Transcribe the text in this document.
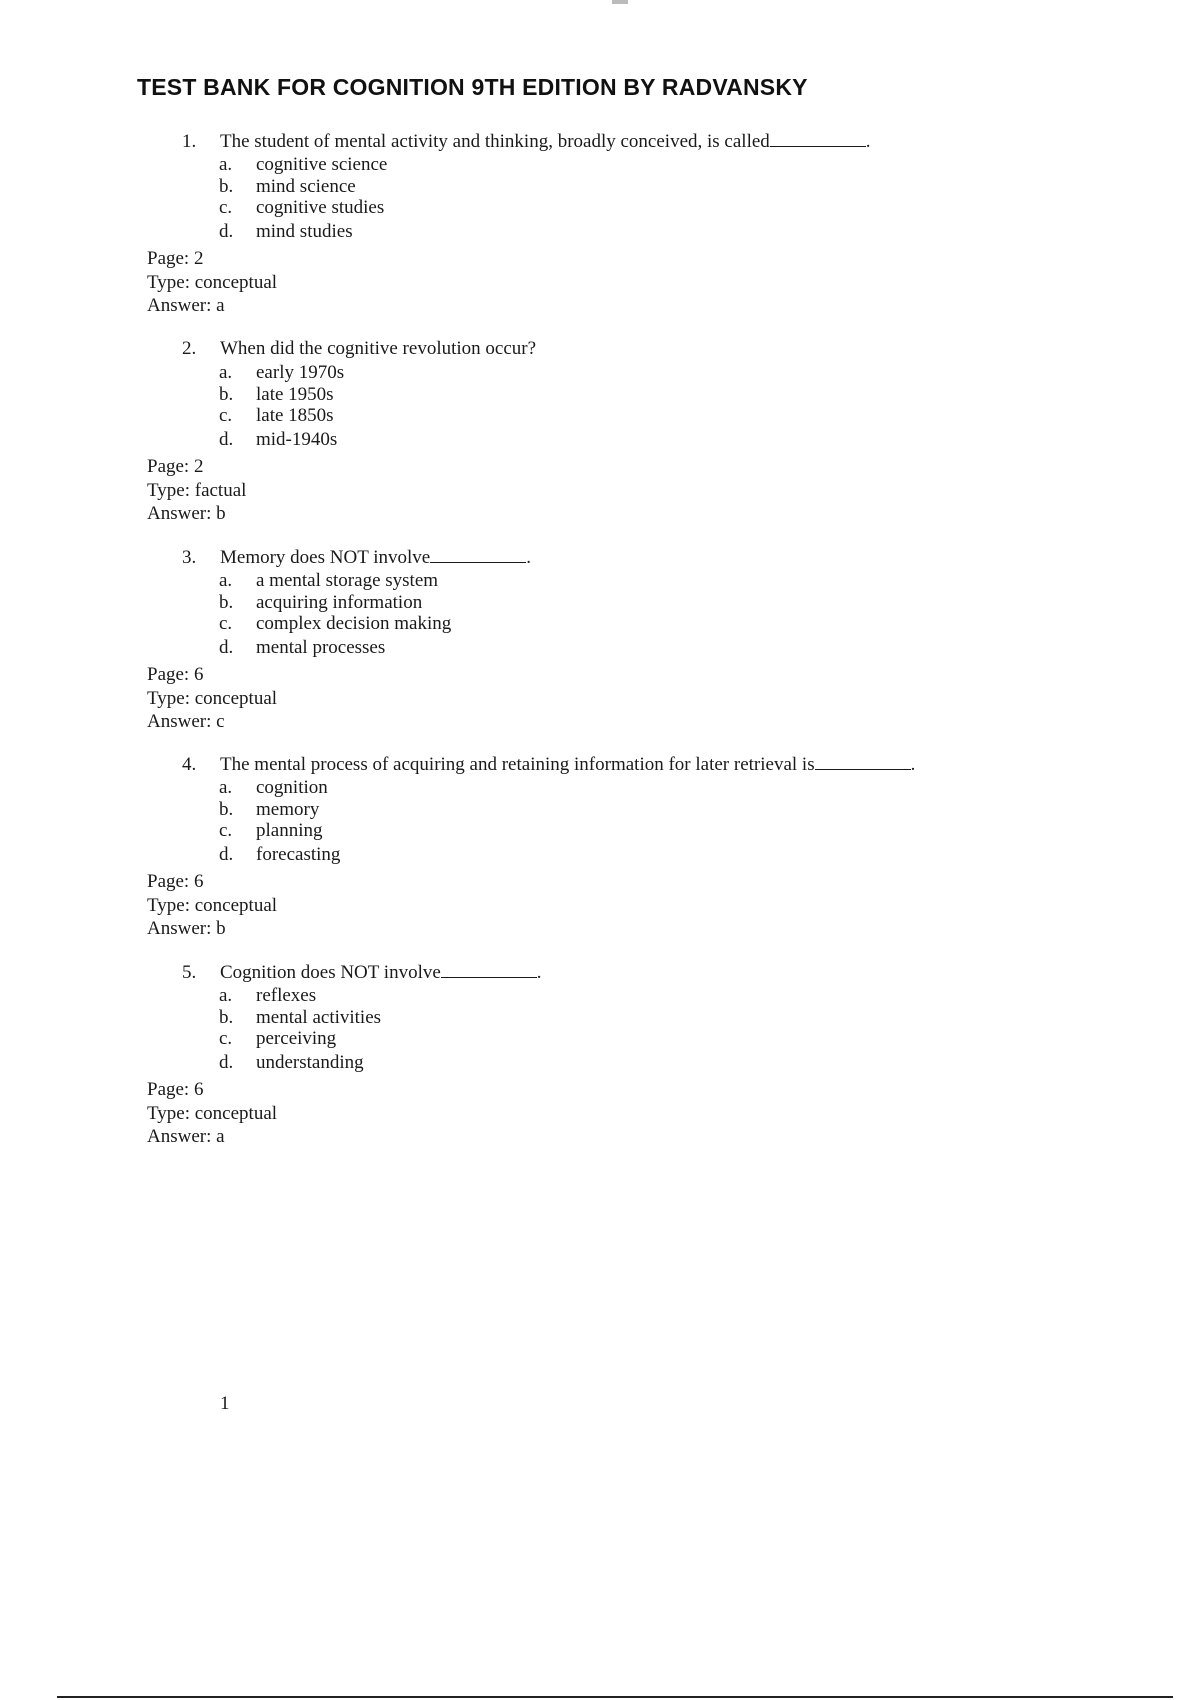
TEST BANK FOR COGNITION 9TH EDITION BY RADVANSKY
1. The student of mental activity and thinking, broadly conceived, is called	.
a. cognitive science
b. mind science
c. cognitive studies
d. mind studies
Page: 2
Type: conceptual
Answer: a
2. When did the cognitive revolution occur?
a. early 1970s
b. late 1950s
c. late 1850s
d. mid-1940s
Page: 2
Type: factual
Answer: b
3. Memory does NOT involve	.
a. a mental storage system
b. acquiring information
c. complex decision making
d. mental processes
Page: 6
Type: conceptual
Answer: c
4. The mental process of acquiring and retaining information for later retrieval is	.
a. cognition
b. memory
c. planning
d. forecasting
Page: 6
Type: conceptual
Answer: b
5. Cognition does NOT involve	.
a. reflexes
b. mental activities
c. perceiving
d. understanding
Page: 6
Type: conceptual
Answer: a
1
